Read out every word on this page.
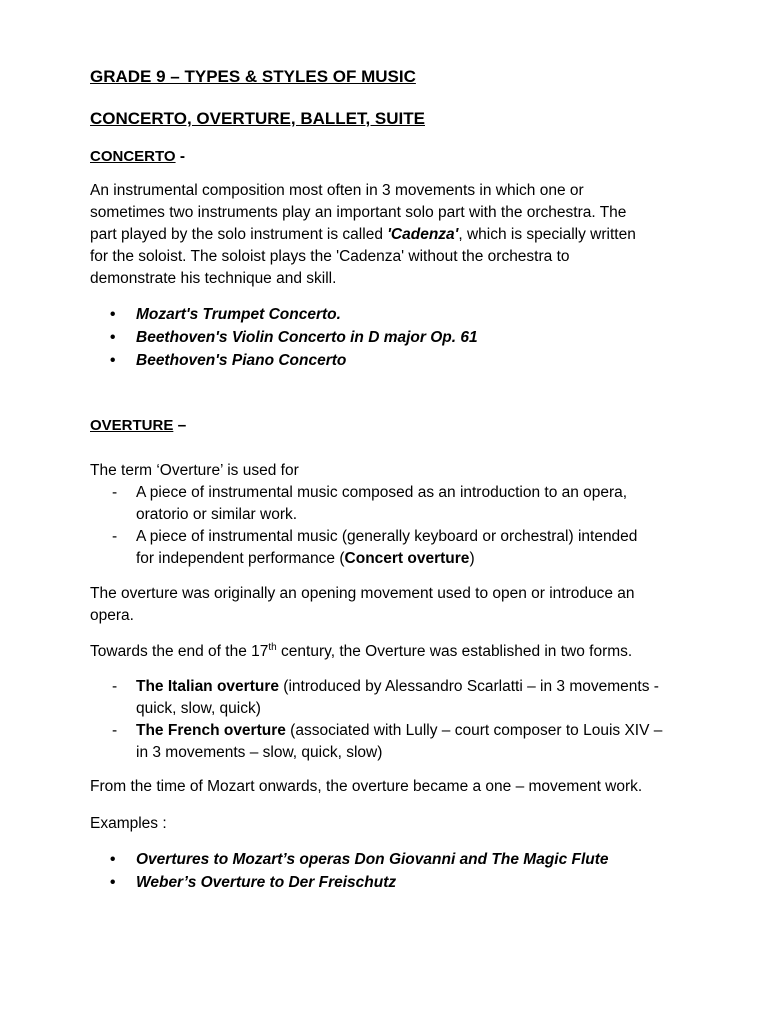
GRADE 9 – TYPES & STYLES OF MUSIC
CONCERTO, OVERTURE, BALLET, SUITE
CONCERTO -
An instrumental composition most often in 3 movements in which one or
sometimes two instruments play an important solo part with the orchestra. The
part played by the solo instrument is called 'Cadenza', which is specially written
for the soloist. The soloist plays the 'Cadenza' without the orchestra to
demonstrate his technique and skill.
• Mozart's Trumpet Concerto.
• Beethoven's Violin Concerto in D major Op. 61
• Beethoven's Piano Concerto
OVERTURE –
The term ‘Overture’ is used for
- A piece of instrumental music composed as an introduction to an opera,
oratorio or similar work.
- A piece of instrumental music (generally keyboard or orchestral) intended
for independent performance (Concert overture)
The overture was originally an opening movement used to open or introduce an
opera.
Towards the end of the 17th century, the Overture was established in two forms.
- The Italian overture (introduced by Alessandro Scarlatti – in 3 movements -
quick, slow, quick)
- The French overture (associated with Lully – court composer to Louis XIV –
in 3 movements – slow, quick, slow)
From the time of Mozart onwards, the overture became a one – movement work.
Examples :
• Overtures to Mozart’s operas Don Giovanni and The Magic Flute
• Weber’s Overture to Der Freischutz
